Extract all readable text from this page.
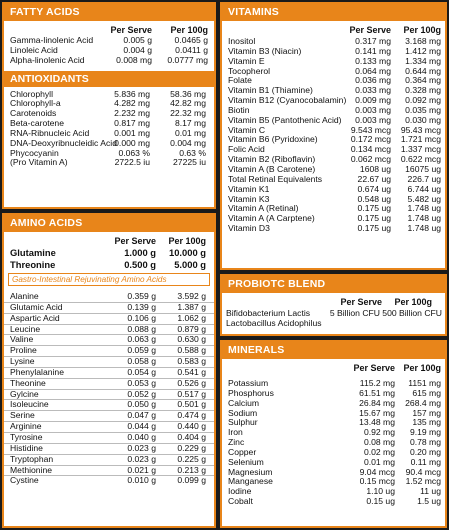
FATTY ACIDS
Per Serve	Per 100g
Gamma-linolenic Acid	0.005 g	0.0465 g
Linoleic Acid	0.004 g	0.0411 g
Alpha-linolenic Acid	0.008 mg	0.0777 mg
ANTIOXIDANTS
Chlorophyll	5.836 mg	58.36 mg
Chlorophyll-a	4.282 mg	42.82 mg
Carotenoids	2.232 mg	22.32 mg
Beta-carotene	0.817 mg	8.17 mg
RNA-Ribnucleic Acid	0.001 mg	0.01 mg
DNA-Deoxyribnucleidic Acid
0.000 mg	0.004 mg
Phycocyanin	0.063 %	0.63 %
(Pro Vitamin A)	2722.5 iu	27225 iu
AMINO ACIDS
Per Serve	Per 100g
Glutamine	1.000 g	10.000 g
Threonine	0.500 g	5.000 g
Gastro-Intestinal Rejuvinating Amino Acids
Alanine	0.359 g	3.592 g
Glutamic Acid	0.139 g	1.387 g
Aspartic Acid	0.106 g	1.062 g
Leucine	0.088 g	0.879 g
Valine	0.063 g	0.630 g
Proline	0.059 g	0.588 g
Lysine	0.058 g	0.583 g
Phenylalanine	0.054 g	0.541 g
Theonine	0.053 g	0.526 g
Gylcine	0.052 g	0.517 g
Isoleucine	0.050 g	0.501 g
Serine	0.047 g	0.474 g
Arginine	0.044 g	0.440 g
Tyrosine	0.040 g	0.404 g
Histidine	0.023 g	0.229 g
Tryptophan	0.023 g	0.225 g
Methionine	0.021 g	0.213 g
Cystine	0.010 g	0.099 g
VITAMINS
Per Serve	Per 100g
Inositol	0.317 mg	3.168 mg
Vitamin B3 (Niacin)	0.141 mg	1.412 mg
Vitamin E	0.133 mg	1.334 mg
Tocopherol	0.064 mg	0.644 mg
Folate	0.036 mg	0.364 mg
Vitamin B1 (Thiamine)	0.033 mg	0.328 mg
Vitamin B12 (Cyanocobalamin)	0.009 mg	0.092 mg
Biotin	0.003 mg	0.035 mg
Vitamin B5 (Pantothenic Acid)	0.003 mg	0.030 mg
Vitamin C	9.543 mcg	95.43 mcg
Vitamin B6 (Pyridoxine)	0.172 mcg	1.721 mcg
Folic Acid	0.134 mcg	1.337 mcg
Vitamin B2 (Riboflavin)	0.062 mcg	0.622 mcg
Vitamin A (B Carotene)	1608 ug	16075 ug
Total Retinal Equivalents	22.67 ug	226.7 ug
Vitamin K1	0.674 ug	6.744 ug
Vitamin K3	0.548 ug	5.482 ug
Vitamin A (Retinal)	0.175 ug	1.748 ug
Vitamin A (A Carptene)	0.175 ug	1.748 ug
Vitamin D3	0.175 ug	1.748 ug
PROBIOTC BLEND
Per Serve	Per 100g
Bifidobacterium Lactis	5 Billion CFU 500 Billion CFU
Lactobacillus Acidophilus
MINERALS
Per Serve Per 100g
Potassium	115.2 mg	1151 mg
Phosphorus	61.51 mg	615 mg
Calcium	26.84 mg	268.4 mg
Sodium	15.67 mg	157 mg
Sulphur	13.48 mg	135 mg
Iron	0.92 mg	9.19 mg
Zinc	0.08 mg	0.78 mg
Copper	0.02 mg	0.20 mg
Selenium	0.01 mg	0.11 mg
Magnesium	9.04 mcg	90.4 mcg
Manganese	0.15 mcg	1.52 mcg
Iodine	1.10 ug	11 ug
Cobalt	0.15 ug	1.5 ug
